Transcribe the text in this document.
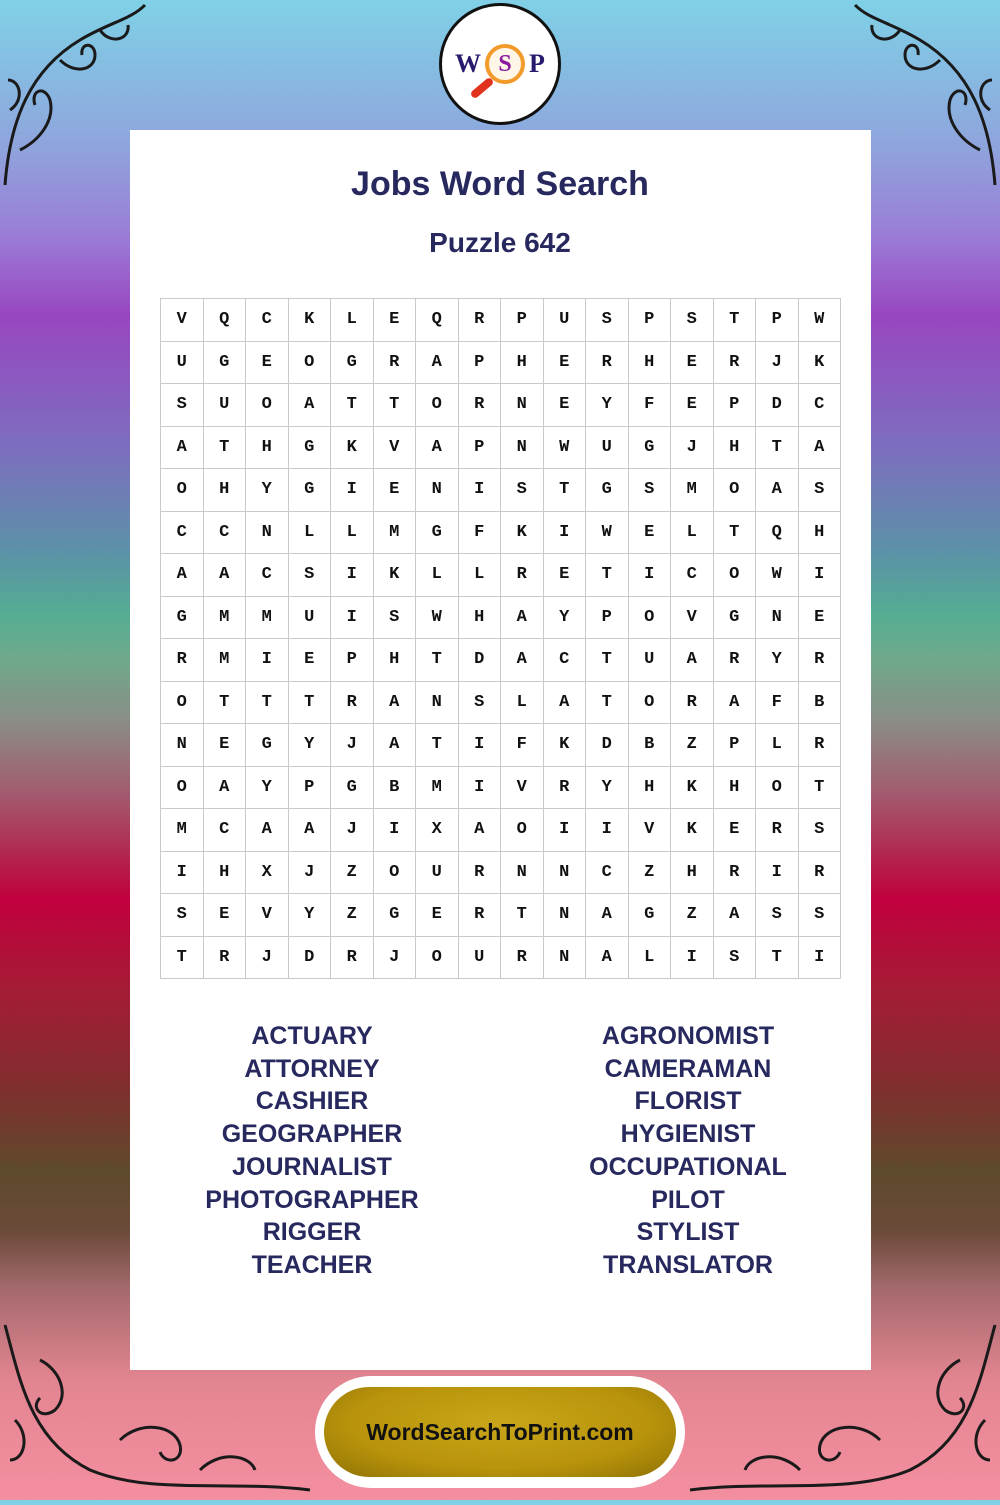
W S P
Jobs Word Search
Puzzle 642
V	Q	C	K	L	E	Q	R	P	U	S	P	S	T	P	W
U	G	E	O	G	R	A	P	H	E	R	H	E	R	J	K
S	U	O	A	T	T	O	R	N	E	Y	F	E	P	D	C
A	T	H	G	K	V	A	P	N	W	U	G	J	H	T	A
O	H	Y	G	I	E	N	I	S	T	G	S	M	O	A	S
C	C	N	L	L	M	G	F	K	I	W	E	L	T	Q	H
A	A	C	S	I	K	L	L	R	E	T	I	C	O	W	I
G	M	M	U	I	S	W	H	A	Y	P	O	V	G	N	E
R	M	I	E	P	H	T	D	A	C	T	U	A	R	Y	R
O	T	T	T	R	A	N	S	L	A	T	O	R	A	F	B
N	E	G	Y	J	A	T	I	F	K	D	B	Z	P	L	R
O	A	Y	P	G	B	M	I	V	R	Y	H	K	H	O	T
M	C	A	A	J	I	X	A	O	I	I	V	K	E	R	S
I	H	X	J	Z	O	U	R	N	N	C	Z	H	R	I	R
S	E	V	Y	Z	G	E	R	T	N	A	G	Z	A	S	S
T	R	J	D	R	J	O	U	R	N	A	L	I	S	T	I
ACTUARY
ATTORNEY
CASHIER
GEOGRAPHER
JOURNALIST
PHOTOGRAPHER
RIGGER
TEACHER
AGRONOMIST
CAMERAMAN
FLORIST
HYGIENIST
OCCUPATIONAL
PILOT
STYLIST
TRANSLATOR
WordSearchToPrint.com
